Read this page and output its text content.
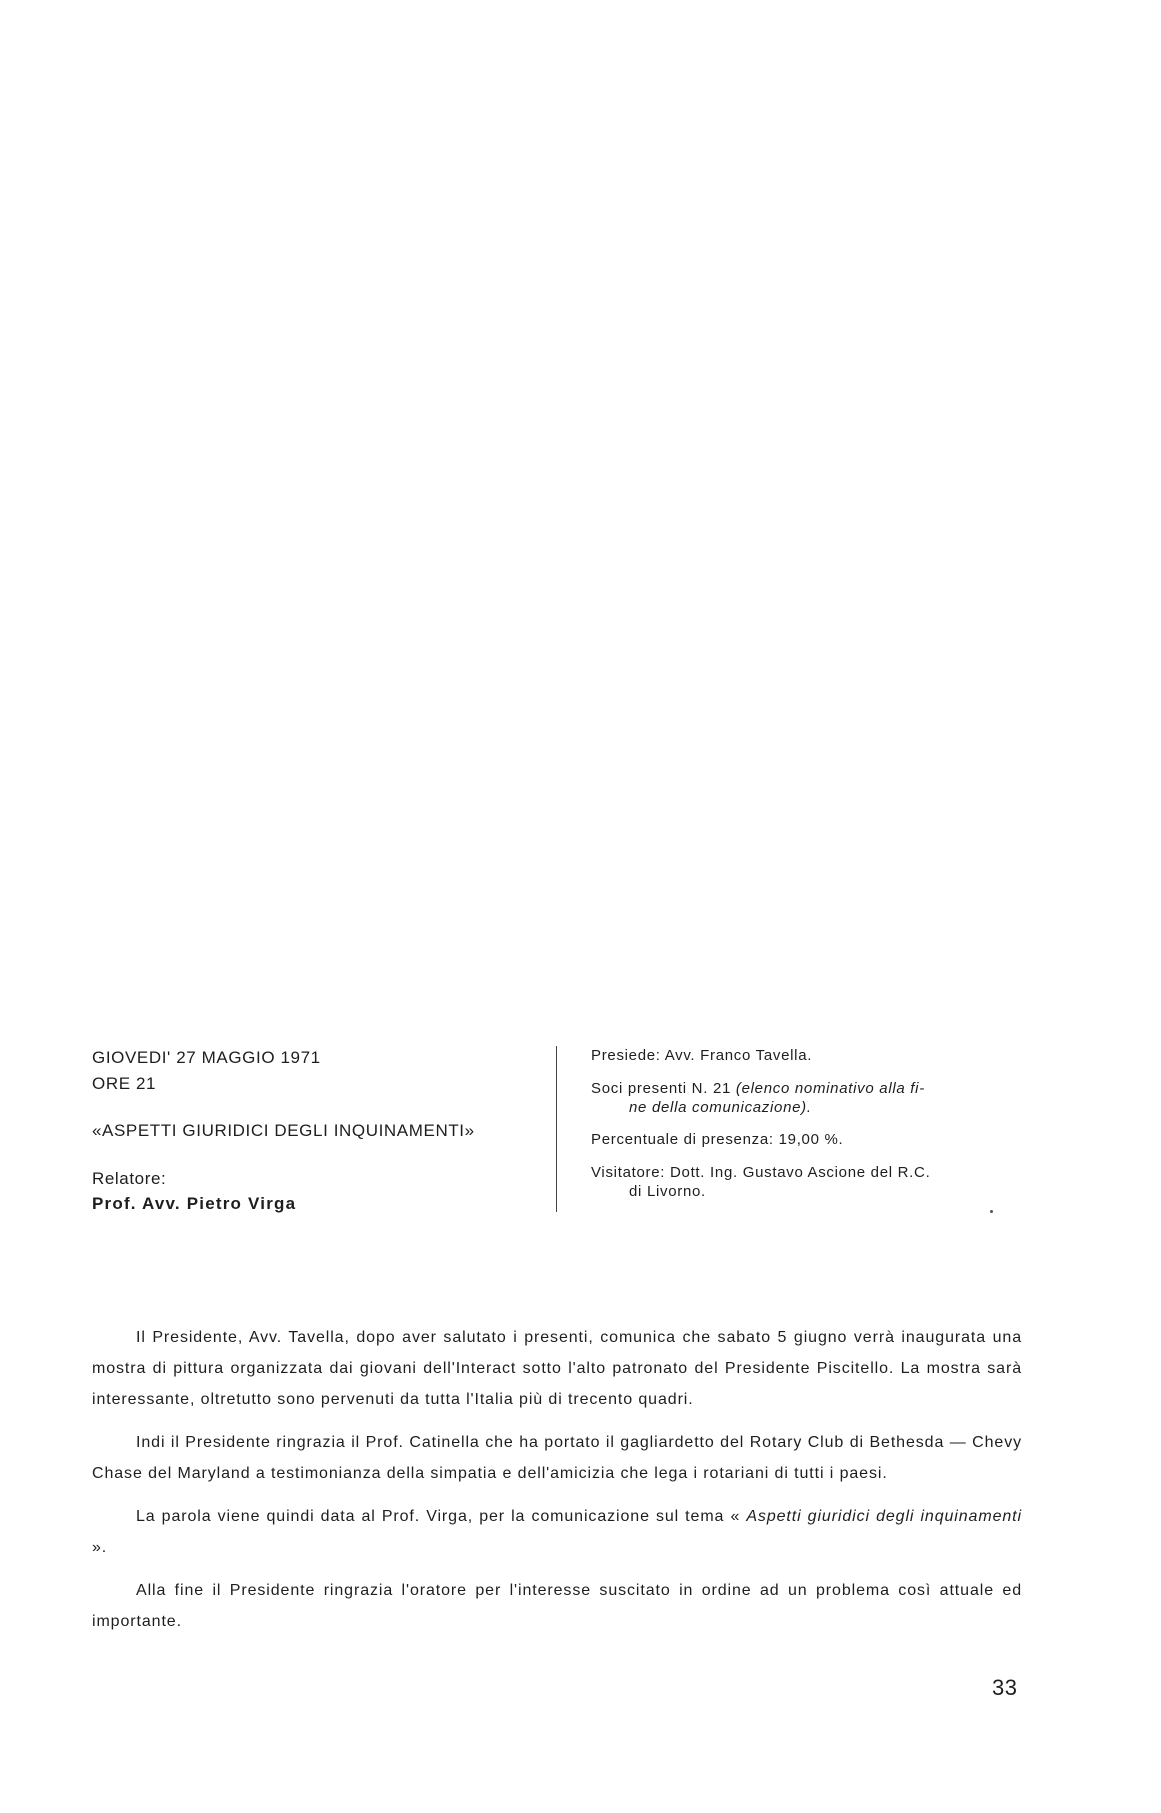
GIOVEDI' 27 MAGGIO 1971
ORE 21
«ASPETTI GIURIDICI DEGLI INQUINAMENTI»
Relatore:
Prof. Avv. Pietro Virga
Presiede: Avv. Franco Tavella.
Soci presenti N. 21 (elenco nominativo alla fi-
ne della comunicazione).
Percentuale di presenza: 19,00 %.
Visitatore: Dott. Ing. Gustavo Ascione del R.C.
di Livorno.

Il Presidente, Avv. Tavella, dopo aver salutato i presenti, comunica che sabato 5 giugno verrà inaugurata una mostra di pittura organizzata dai giovani dell'Interact sotto l'alto patronato del Presidente Piscitello. La mostra sarà interessante, oltretutto sono pervenuti da tutta l'Italia più di trecento quadri.

Indi il Presidente ringrazia il Prof. Catinella che ha portato il gagliardetto del Rotary Club di Bethesda — Chevy Chase del Maryland a testimonianza della simpatia e dell'amicizia che lega i rotariani di tutti i paesi.

La parola viene quindi data al Prof. Virga, per la comunicazione sul tema « Aspetti giuridici degli inquinamenti ».

Alla fine il Presidente ringrazia l'oratore per l'interesse suscitato in ordine ad un problema così attuale ed importante.

33
